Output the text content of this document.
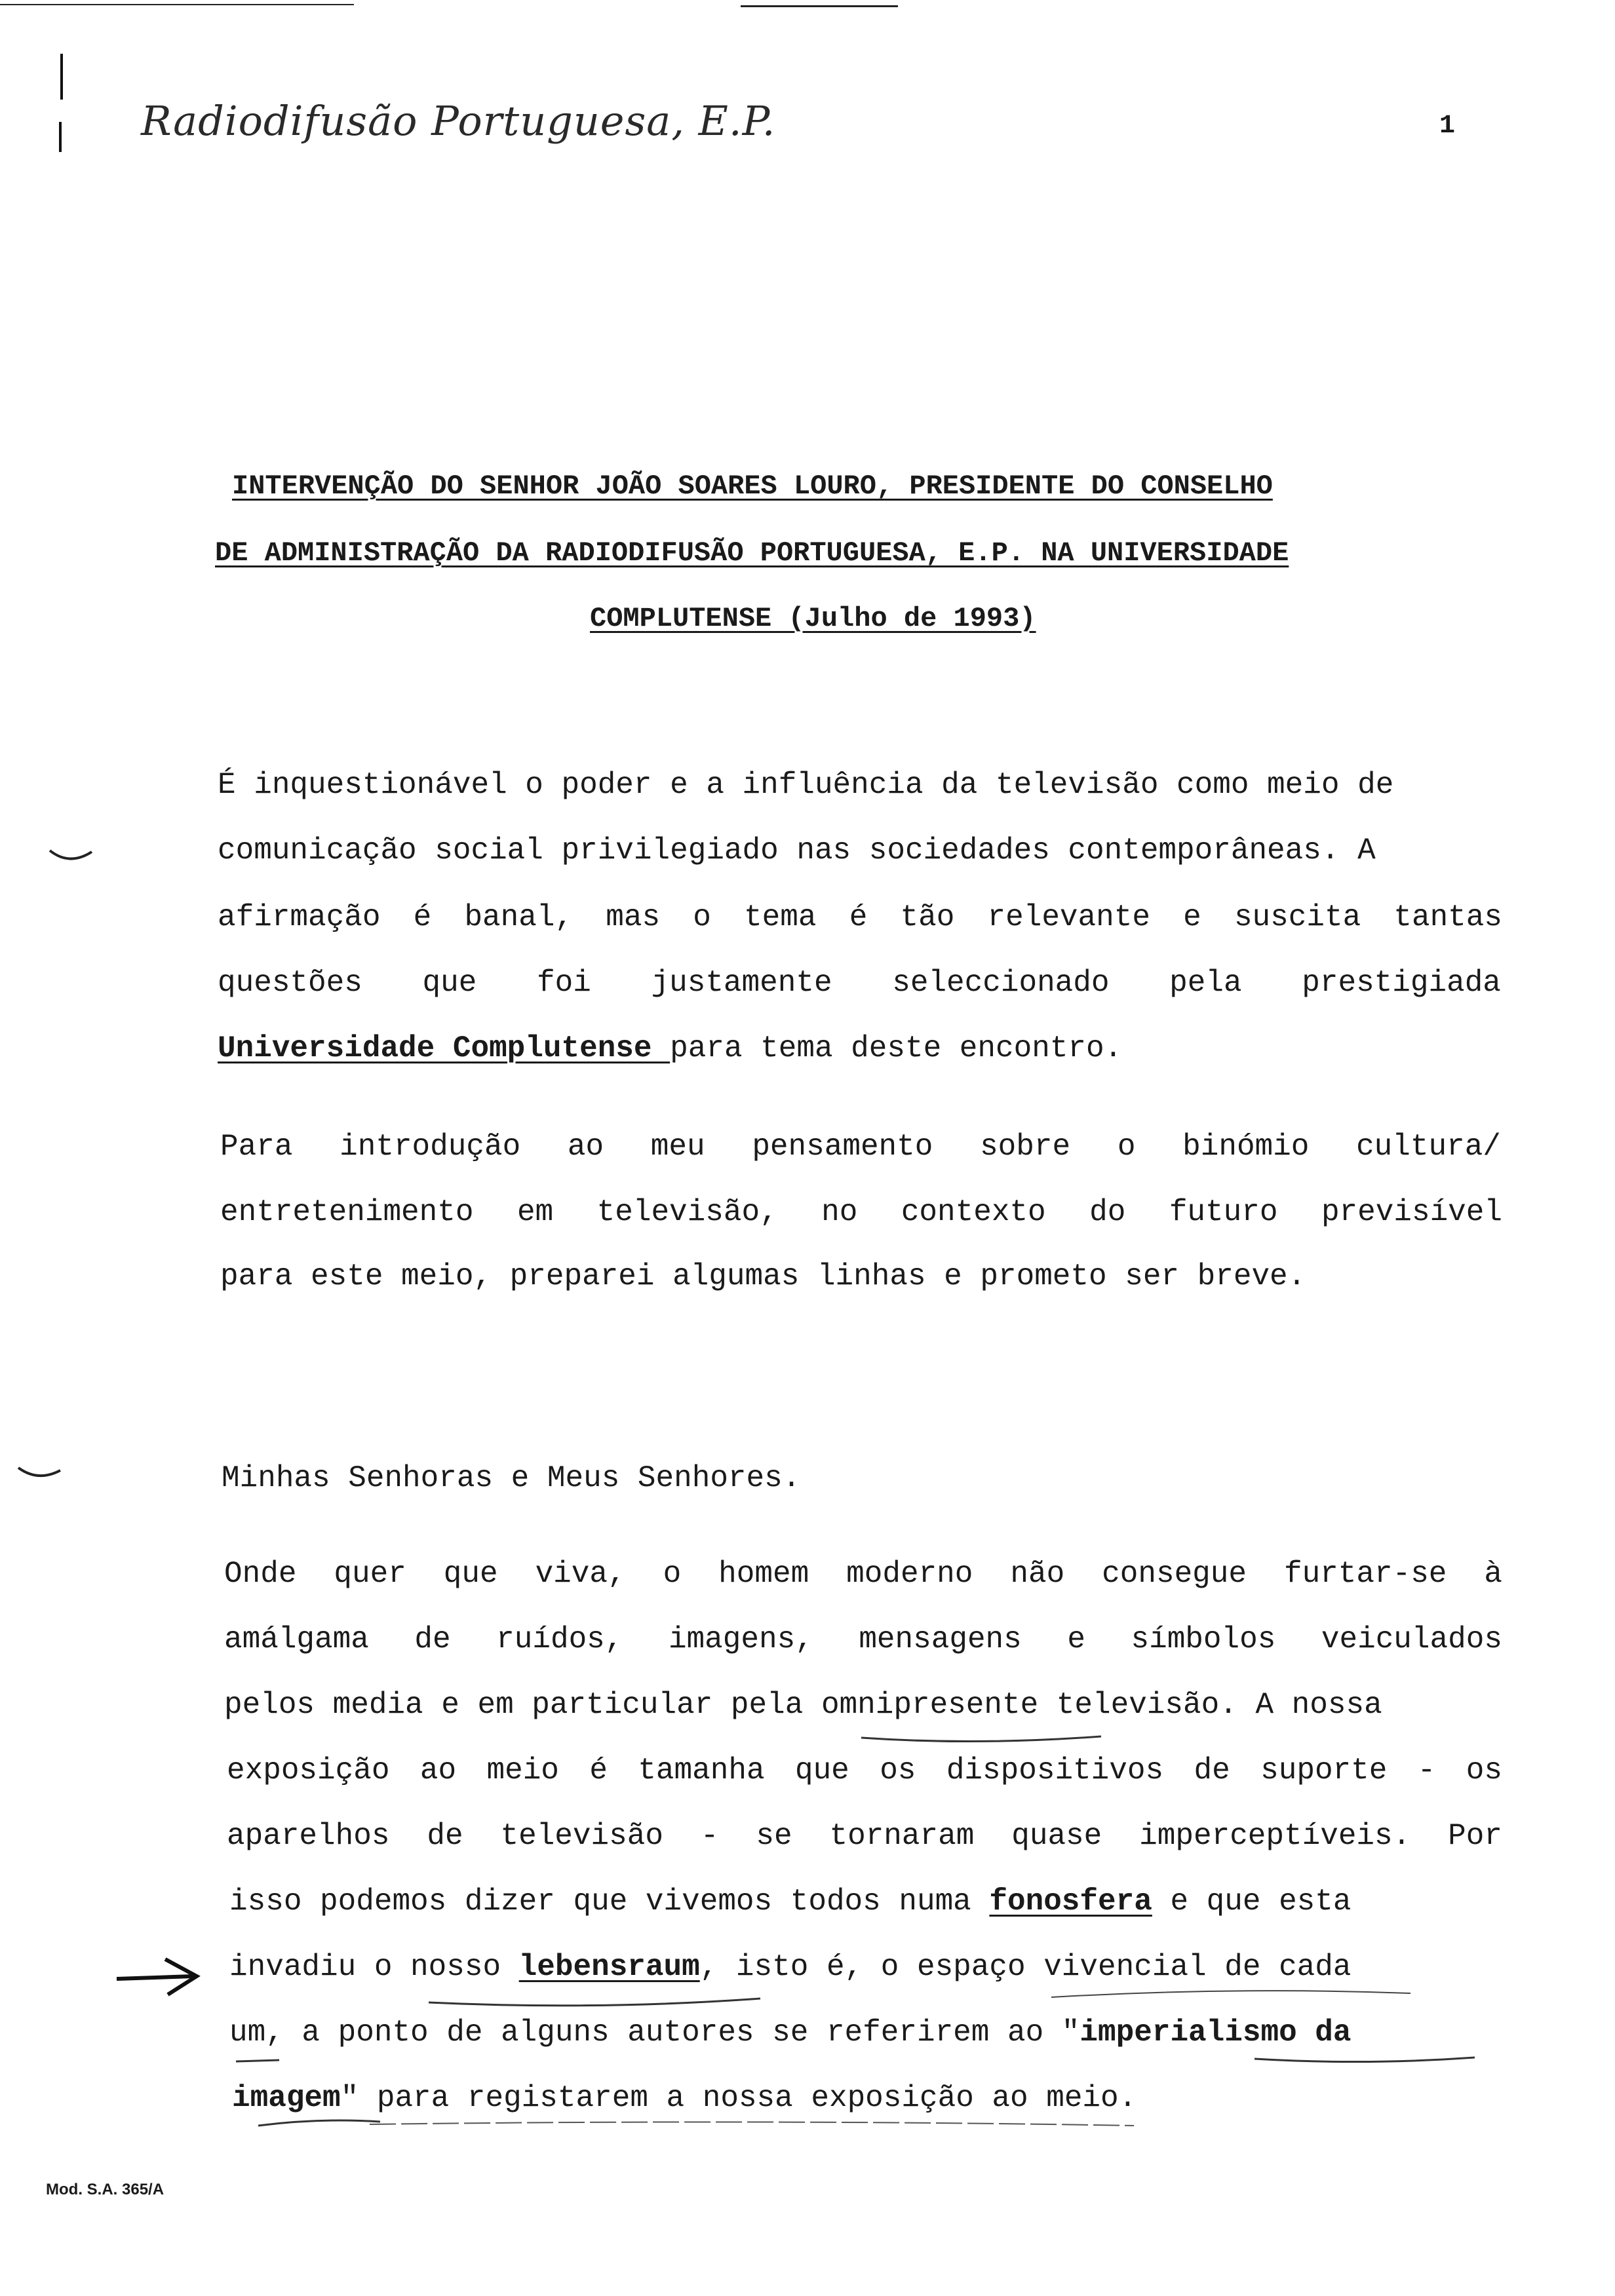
Radiodifusão Portuguesa, E.P.	1
INTERVENÇÃO DO SENHOR JOÃO SOARES LOURO, PRESIDENTE DO CONSELHO
DE ADMINISTRAÇÃO DA RADIODIFUSÃO PORTUGUESA, E.P. NA UNIVERSIDADE
COMPLUTENSE (Julho de 1993)
É inquestionável o poder e a influência da televisão como meio de
comunicação social privilegiado nas sociedades contemporâneas. A
afirmação é banal, mas o tema é tão relevante e suscita tantas
questões que foi justamente seleccionado pela prestigiada
Universidade Complutense para tema deste encontro.
Para introdução ao meu pensamento sobre o binómio cultura/
entretenimento em televisão, no contexto do futuro previsível
para este meio, preparei algumas linhas e prometo ser breve.
Minhas Senhoras e Meus Senhores.
Onde quer que viva, o homem moderno não consegue furtar-se à
amálgama de ruídos, imagens, mensagens e símbolos veiculados
pelos media e em particular pela omnipresente televisão. A nossa
exposição ao meio é tamanha que os dispositivos de suporte - os
aparelhos de televisão - se tornaram quase imperceptíveis. Por
isso podemos dizer que vivemos todos numa fonosfera e que esta
invadiu o nosso lebensraum, isto é, o espaço vivencial de cada
um, a ponto de alguns autores se referirem ao "imperialismo da
imagem" para registarem a nossa exposição ao meio.
Mod. S.A. 365/A
